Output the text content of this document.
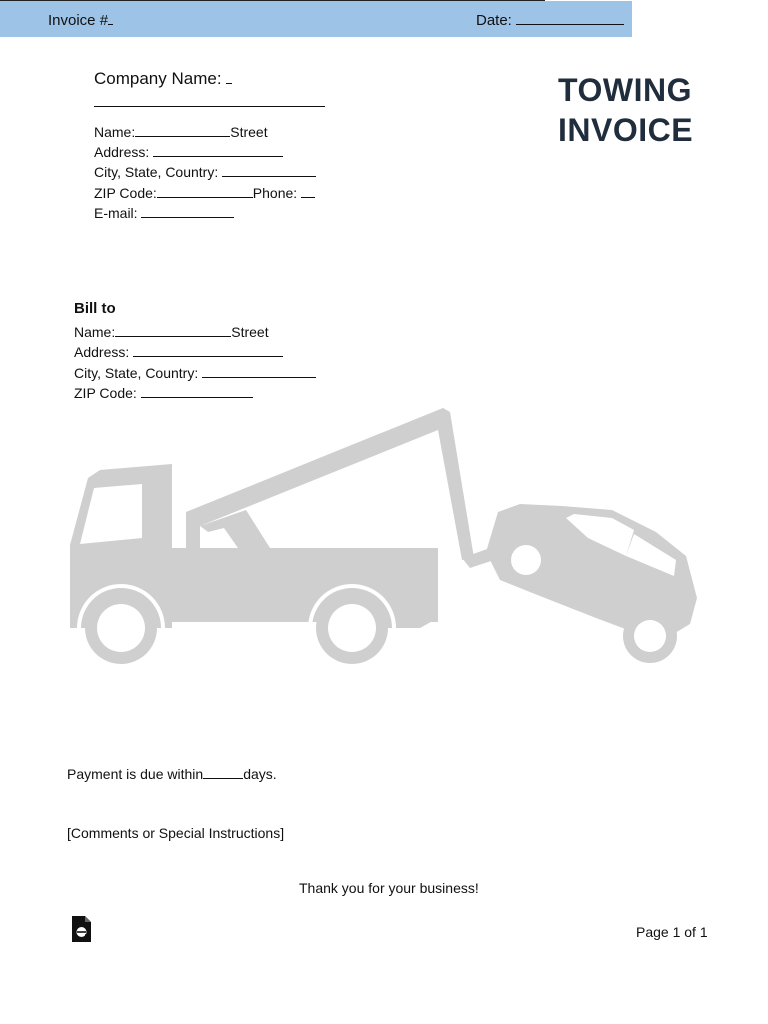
Invoice #	Date:
TOWING
INVOICE
Company Name:
Name:	Street
Address:
City, State, Country:
ZIP Code:	Phone:
E-mail:
Bill to
Name:	Street
Address:
City, State, Country:
ZIP Code:
Payment is due within	days.
[Comments or Special Instructions]
Thank you for your business!
Page 1 of 1
